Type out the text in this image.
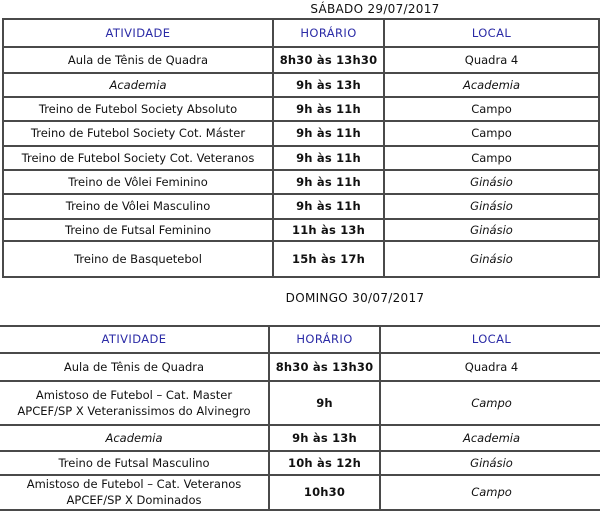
SÁBADO 29/07/2017
ATIVIDADE	HORÁRIO	LOCAL
Aula de Tênis de Quadra	8h30 às 13h30	Quadra 4
Academia	9h às 13h	Academia
Treino de Futebol Society Absoluto	9h às 11h	Campo
Treino de Futebol Society Cot. Máster	9h às 11h	Campo
Treino de Futebol Society Cot. Veteranos	9h às 11h	Campo
Treino de Vôlei Feminino	9h às 11h	Ginásio
Treino de Vôlei Masculino	9h às 11h	Ginásio
Treino de Futsal Feminino	11h às 13h	Ginásio
Treino de Basquetebol	15h às 17h	Ginásio
DOMINGO 30/07/2017
ATIVIDADE	HORÁRIO	LOCAL
Aula de Tênis de Quadra	8h30 às 13h30	Quadra 4

Amistoso de Futebol – Cat. Master
APCEF/SP X Veteranissimos do Alvinegro	9h	Campo
Academia	9h às 13h	Academia
Treino de Futsal Masculino	10h às 12h	Ginásio

Amistoso de Futebol – Cat. Veteranos
APCEF/SP X Dominados	10h30	Campo
